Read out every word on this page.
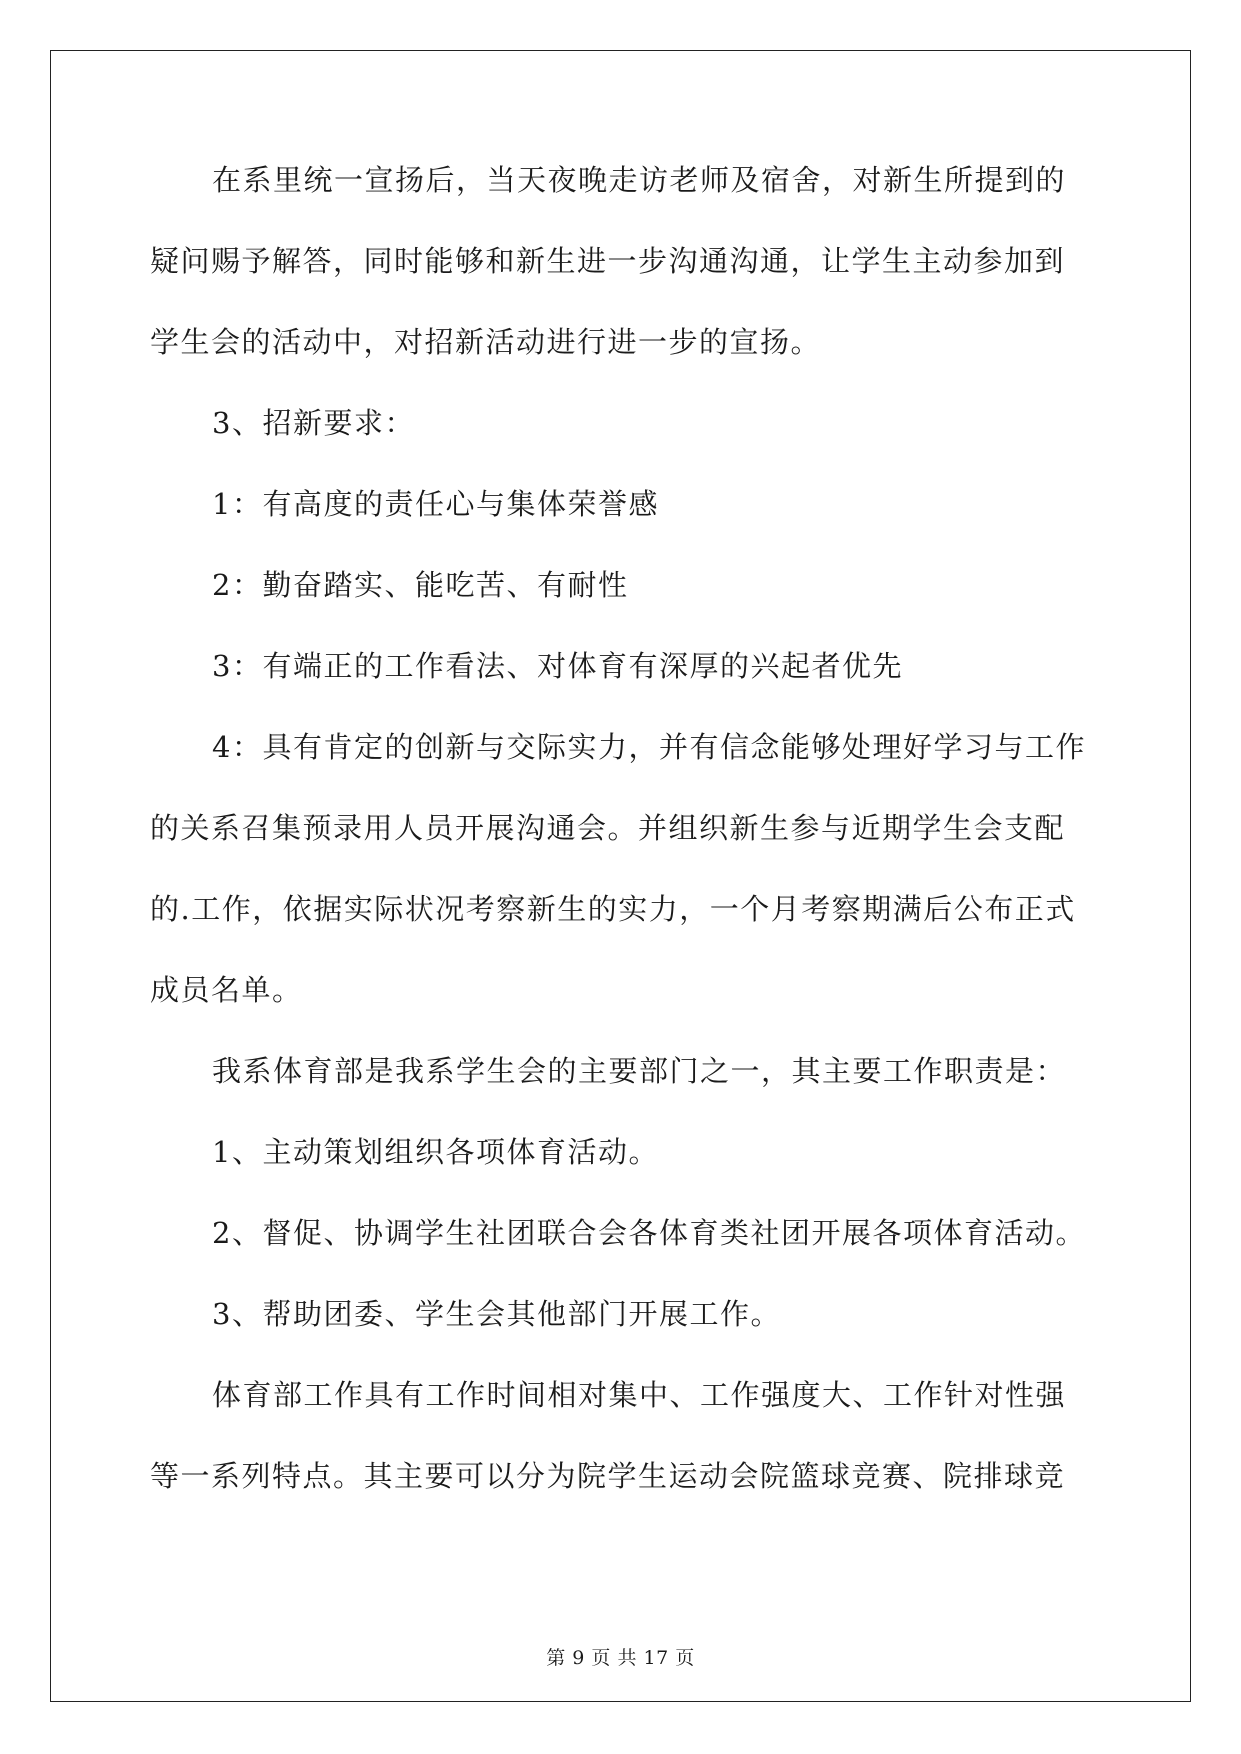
在系里统一宣扬后，当天夜晚走访老师及宿舍，对新生所提到的
疑问赐予解答，同时能够和新生进一步沟通沟通，让学生主动参加到
学生会的活动中，对招新活动进行进一步的宣扬。
3、招新要求：
1：有高度的责任心与集体荣誉感
2：勤奋踏实、能吃苦、有耐性
3：有端正的工作看法、对体育有深厚的兴起者优先
4：具有肯定的创新与交际实力，并有信念能够处理好学习与工作
的关系召集预录用人员开展沟通会。并组织新生参与近期学生会支配
的.工作，依据实际状况考察新生的实力，一个月考察期满后公布正式
成员名单。
我系体育部是我系学生会的主要部门之一，其主要工作职责是：
1、主动策划组织各项体育活动。
2、督促、协调学生社团联合会各体育类社团开展各项体育活动。
3、帮助团委、学生会其他部门开展工作。
体育部工作具有工作时间相对集中、工作强度大、工作针对性强
等一系列特点。其主要可以分为院学生运动会院篮球竞赛、院排球竞
第 9 页 共 17 页
